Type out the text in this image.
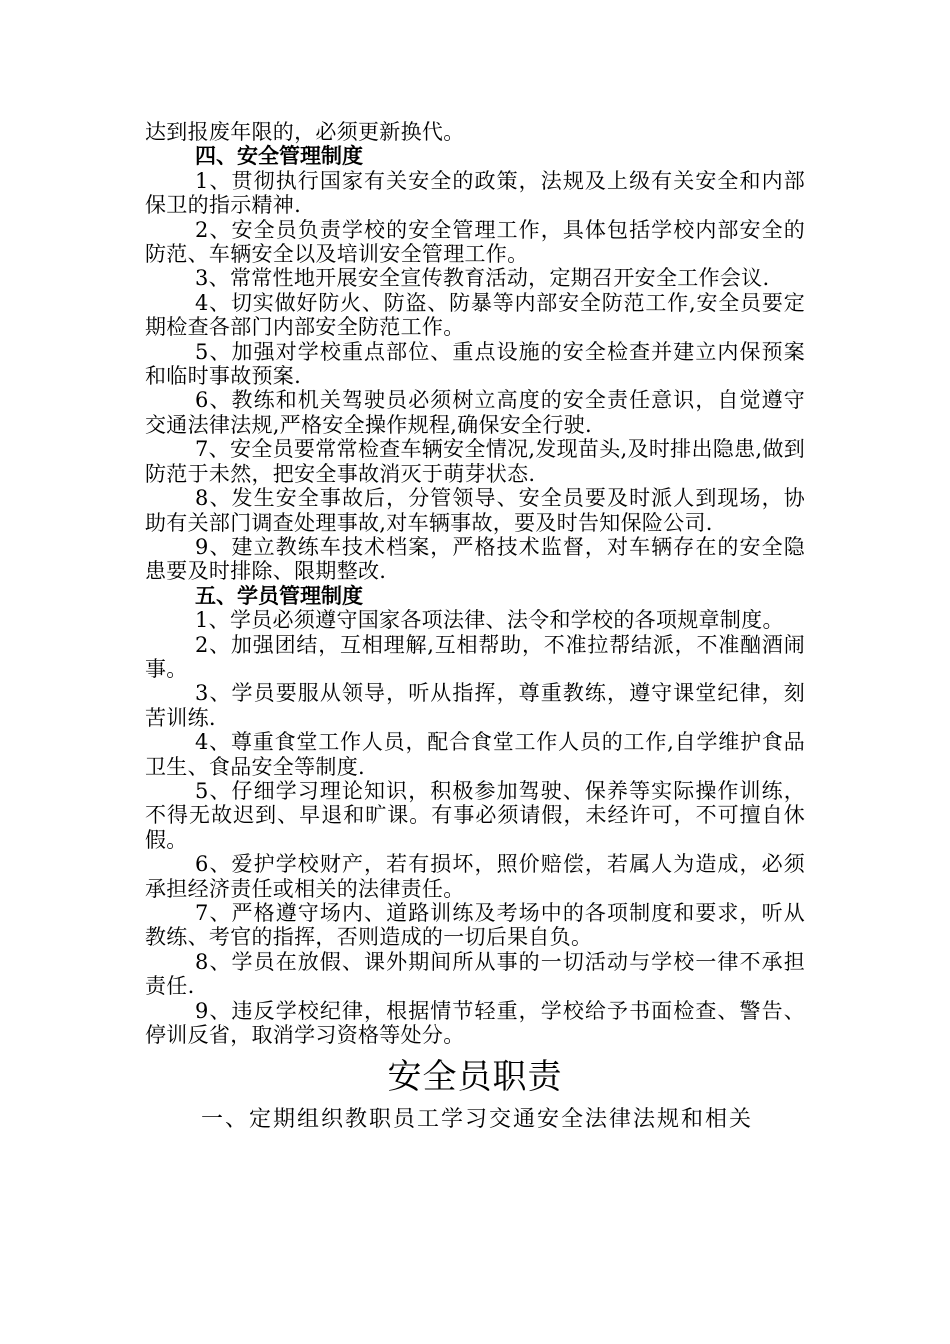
达到报废年限的，必须更新换代。

四、安全管理制度

1、贯彻执行国家有关安全的政策，法规及上级有关安全和内部保卫的指示精神.

2、安全员负责学校的安全管理工作，具体包括学校内部安全的防范、车辆安全以及培训安全管理工作。

3、常常性地开展安全宣传教育活动，定期召开安全工作会议.

4、切实做好防火、防盗、防暴等内部安全防范工作,安全员要定期检查各部门内部安全防范工作。

5、加强对学校重点部位、重点设施的安全检查并建立内保预案和临时事故预案.

6、教练和机关驾驶员必须树立高度的安全责任意识，自觉遵守交通法律法规,严格安全操作规程,确保安全行驶.

7、安全员要常常检查车辆安全情况,发现苗头,及时排出隐患,做到防范于未然，把安全事故消灭于萌芽状态.

8、发生安全事故后，分管领导、安全员要及时派人到现场，协助有关部门调查处理事故,对车辆事故，要及时告知保险公司.

9、建立教练车技术档案，严格技术监督，对车辆存在的安全隐患要及时排除、限期整改.

五、学员管理制度

1、学员必须遵守国家各项法律、法令和学校的各项规章制度。

2、加强团结，互相理解,互相帮助，不准拉帮结派，不准酗酒闹事。

3、学员要服从领导，听从指挥，尊重教练，遵守课堂纪律，刻苦训练.

4、尊重食堂工作人员，配合食堂工作人员的工作,自学维护食品卫生、食品安全等制度.

5、仔细学习理论知识，积极参加驾驶、保养等实际操作训练，不得无故迟到、早退和旷课。有事必须请假，未经许可，不可擅自休假。

6、爱护学校财产，若有损坏，照价赔偿，若属人为造成，必须承担经济责任或相关的法律责任。

7、严格遵守场内、道路训练及考场中的各项制度和要求，听从教练、考官的指挥，否则造成的一切后果自负。

8、学员在放假、课外期间所从事的一切活动与学校一律不承担责任.

9、违反学校纪律，根据情节轻重，学校给予书面检查、警告、停训反省，取消学习资格等处分。

安全员职责

一、定期组织教职员工学习交通安全法律法规和相关
